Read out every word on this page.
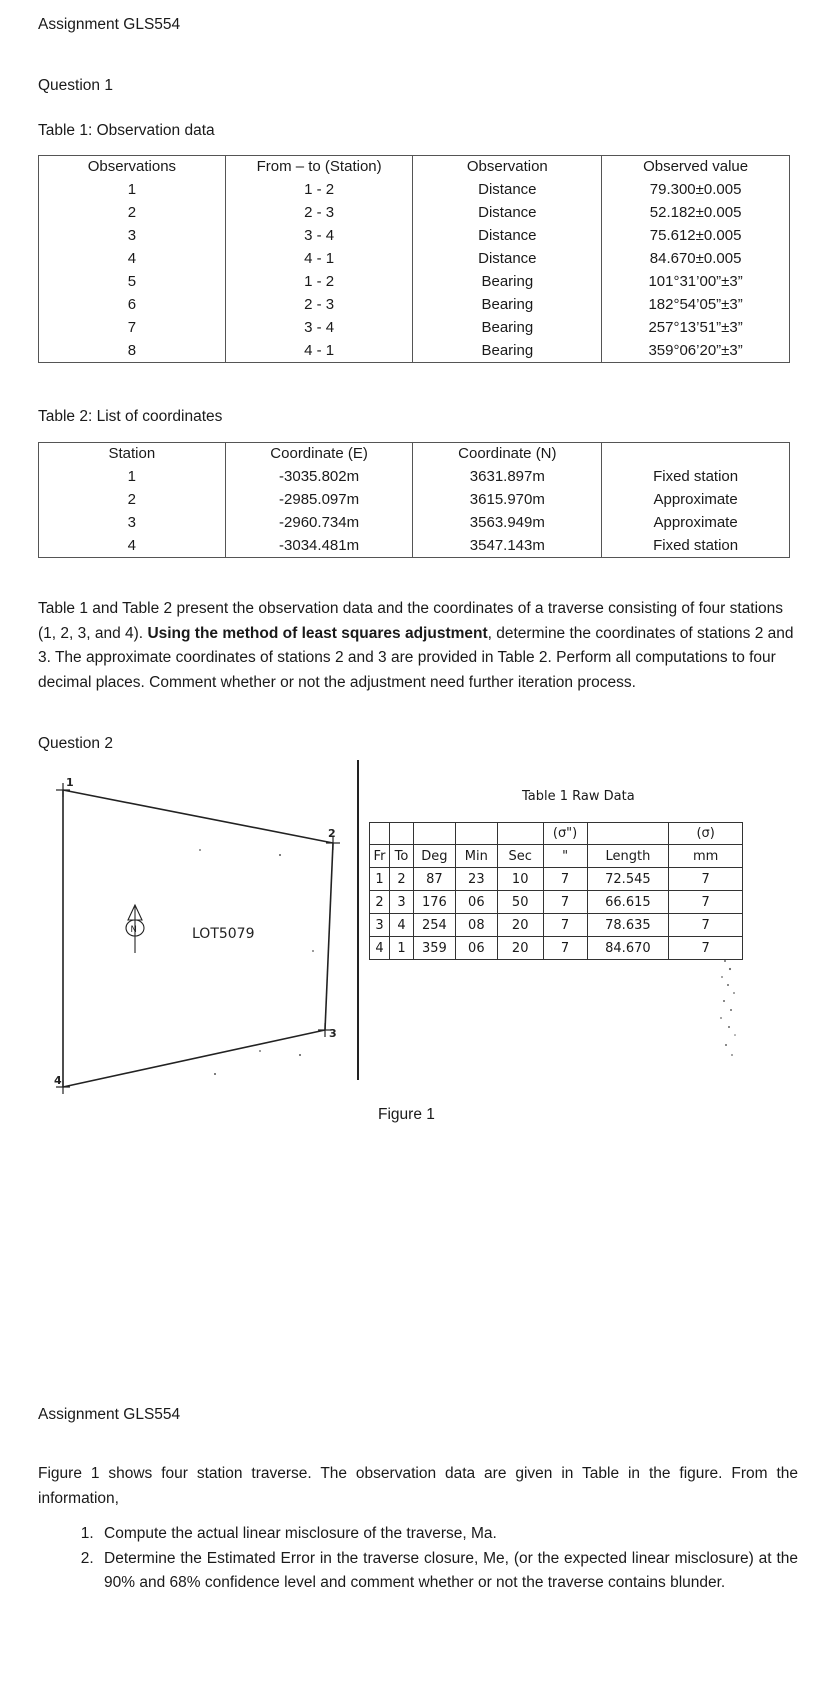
Assignment GLS554
Question 1
Table 1: Observation data
Observations	From – to (Station)	Observation	Observed value
1	1 - 2	Distance	79.300±0.005
2	2 - 3	Distance	52.182±0.005
3	3 - 4	Distance	75.612±0.005
4	4 - 1	Distance	84.670±0.005
5	1 - 2	Bearing	101°31’00”±3”
6	2 - 3	Bearing	182°54’05”±3”
7	3 - 4	Bearing	257°13’51”±3”
8	4 - 1	Bearing	359°06’20”±3”
Table 2: List of coordinates
Station	Coordinate (E)	Coordinate (N)	
1	-3035.802m	3631.897m	Fixed station
2	-2985.097m	3615.970m	Approximate
3	-2960.734m	3563.949m	Approximate
4	-3034.481m	3547.143m	Fixed station
Table 1 and Table 2 present the observation data and the coordinates of a traverse consisting of four stations (1, 2, 3, and 4). Using the method of least squares adjustment, determine the coordinates of stations 2 and 3. The approximate coordinates of stations 2 and 3 are provided in Table 2. Perform all computations to four decimal places. Comment whether or not the adjustment need further iteration process.
Question 2
1
2
3
4
N	LOT5079
Table 1 Raw Data
					(σ")		(σ)
Fr	To	Deg	Min	Sec	"	Length	mm
1	2	87	23	10	7	72.545	7
2	3	176	06	50	7	66.615	7
3	4	254	08	20	7	78.635	7
4	1	359	06	20	7	84.670	7
Figure 1
Assignment GLS554
Figure 1 shows four station traverse. The observation data are given in Table in the figure. From the information,
1. Compute the actual linear misclosure of the traverse, Ma.
2. Determine the Estimated Error in the traverse closure, Me, (or the expected linear misclosure) at the 90% and 68% confidence level and comment whether or not the traverse contains blunder.
